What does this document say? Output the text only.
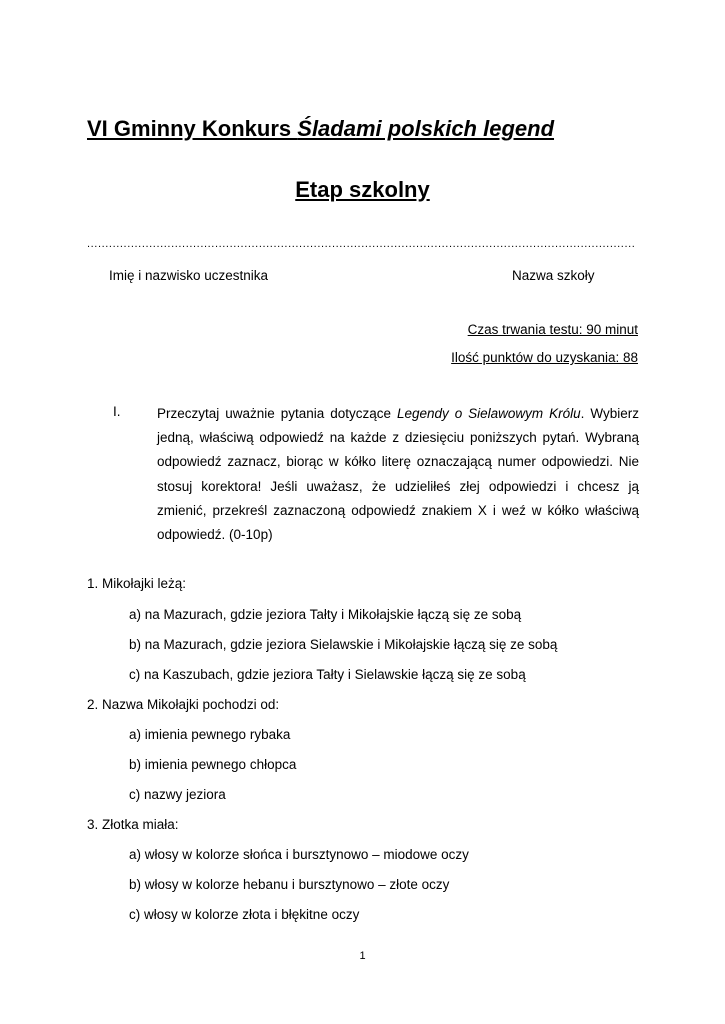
VI Gminny Konkurs Śladami polskich legend
Etap szkolny
......................................................................................................................................................
Imię i nazwisko uczestnika	Nazwa szkoły
Czas trwania testu: 90 minut
Ilość punktów do uzyskania: 88
I.	Przeczytaj uważnie pytania dotyczące Legendy o Sielawowym Królu. Wybierz jedną, właściwą odpowiedź na każde z dziesięciu poniższych pytań. Wybraną odpowiedź zaznacz, biorąc w kółko literę oznaczającą numer odpowiedzi. Nie stosuj korektora! Jeśli uważasz, że udzieliłeś złej odpowiedzi i chcesz ją zmienić, przekreśl zaznaczoną odpowiedź znakiem X i weź w kółko właściwą odpowiedź. (0-10p)
1. Mikołajki leżą:
a) na Mazurach, gdzie jeziora Tałty i Mikołajskie łączą się ze sobą
b) na Mazurach, gdzie jeziora Sielawskie i Mikołajskie łączą się ze sobą
c) na Kaszubach, gdzie jeziora Tałty i Sielawskie łączą się ze sobą
2. Nazwa Mikołajki pochodzi od:
a) imienia pewnego rybaka
b) imienia pewnego chłopca
c) nazwy jeziora
3. Złotka miała:
a) włosy w kolorze słońca i bursztynowo – miodowe oczy
b) włosy w kolorze hebanu i bursztynowo – złote oczy
c) włosy w kolorze złota i błękitne oczy
1
